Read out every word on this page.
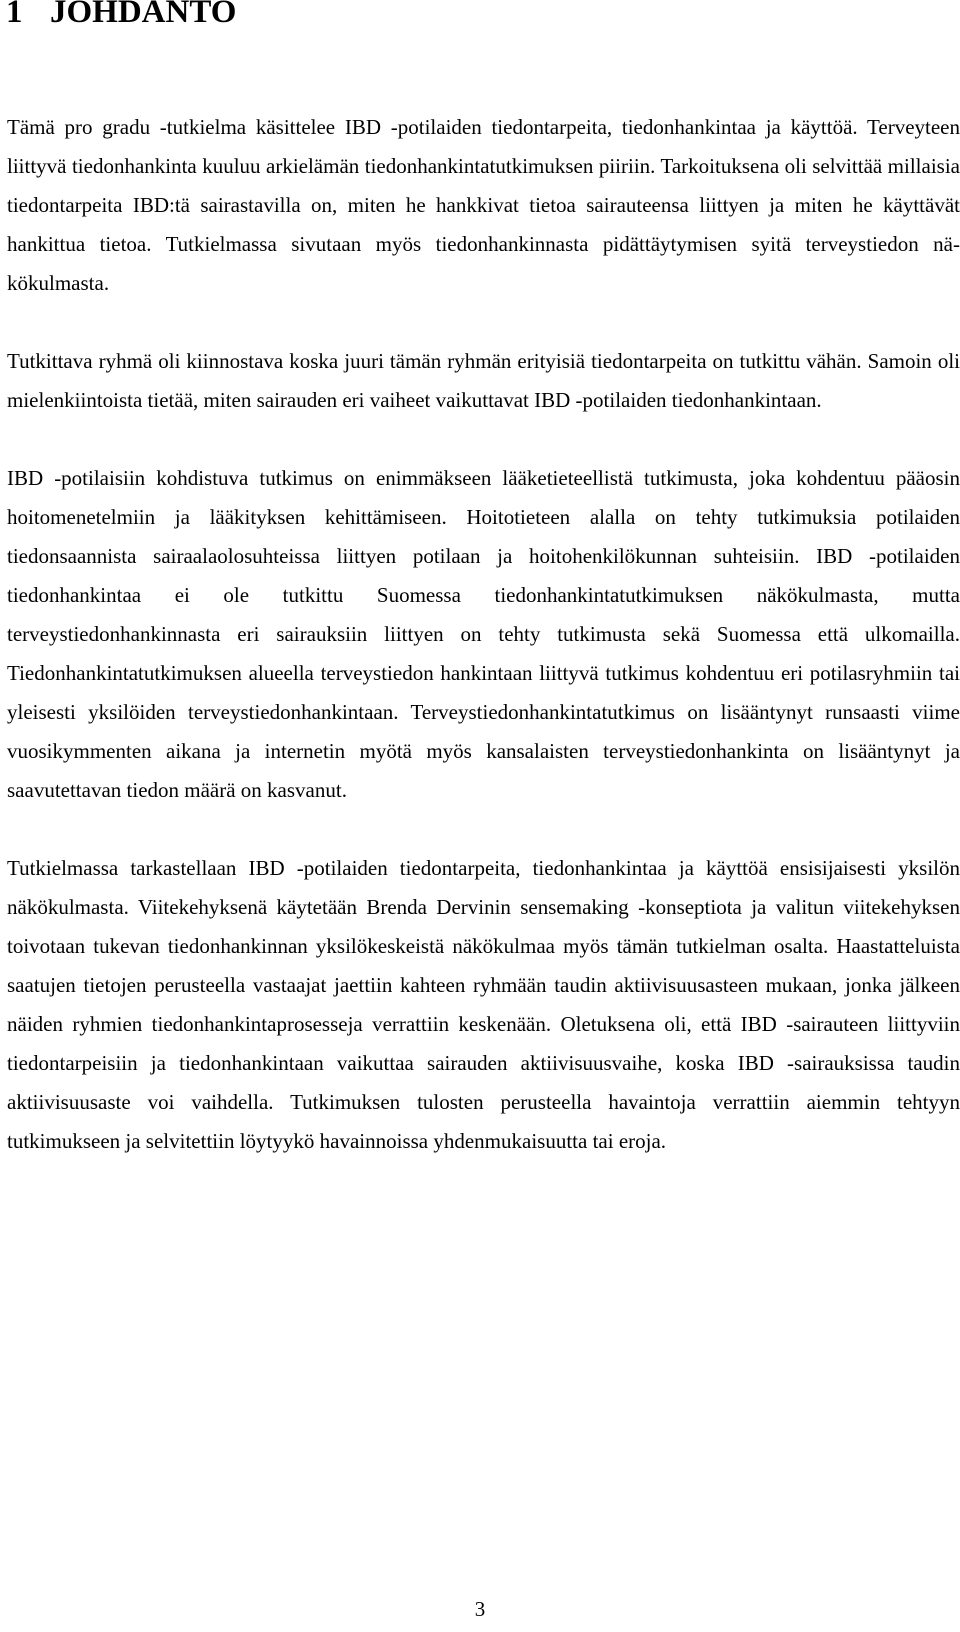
1 JOHDANTO

Tämä pro gradu -tutkielma käsittelee IBD -potilaiden tiedontarpeita, tiedonhankintaa ja käyttöä. Terveyteen liittyvä tiedonhankinta kuuluu arkielämän tiedonhankintatutkimuksen piiriin. Tarkoituksena oli selvittää millaisia tiedontarpeita IBD:tä sairastavilla on, miten he hankkivat tietoa sairauteensa liittyen ja miten he käyttävät hankittua tietoa. Tutkielmassa sivutaan myös tiedonhankinnasta pidättäytymisen syitä terveystiedon näkökulmasta.

Tutkittava ryhmä oli kiinnostava koska juuri tämän ryhmän erityisiä tiedontarpeita on tutkittu vähän. Samoin oli mielenkiintoista tietää, miten sairauden eri vaiheet vaikuttavat IBD -potilaiden tiedonhankintaan.

IBD -potilaisiin kohdistuva tutkimus on enimmäkseen lääketieteellistä tutkimusta, joka kohdentuu pääosin hoitomenetelmiin ja lääkityksen kehittämiseen. Hoitotieteen alalla on tehty tutkimuksia potilaiden tiedonsaannista sairaalaolosuhteissa liittyen potilaan ja hoitohenkilökunnan suhteisiin. IBD -potilaiden tiedonhankintaa ei ole tutkittu Suomessa tiedonhankintatutkimuksen näkökulmasta, mutta terveystiedonhankinnasta eri sairauksiin liittyen on tehty tutkimusta sekä Suomessa että ulkomailla. Tiedonhankintatutkimuksen alueella terveystiedon hankintaan liittyvä tutkimus kohdentuu eri potilasryhmiin tai yleisesti yksilöiden terveystiedonhankintaan. Terveystiedonhankintatutkimus on lisääntynyt runsaasti viime vuosikymmenten aikana ja internetin myötä myös kansalaisten terveystiedonhankinta on lisääntynyt ja saavutettavan tiedon määrä on kasvanut.

Tutkielmassa tarkastellaan IBD -potilaiden tiedontarpeita, tiedonhankintaa ja käyttöä ensisijaisesti yksilön näkökulmasta. Viitekehyksenä käytetään Brenda Dervinin sensemaking -konseptiota ja valitun viitekehyksen toivotaan tukevan tiedonhankinnan yksilökeskeistä näkökulmaa myös tämän tutkielman osalta. Haastatteluista saatujen tietojen perusteella vastaajat jaettiin kahteen ryhmään taudin aktiivisuusasteen mukaan, jonka jälkeen näiden ryhmien tiedonhankintaprosesseja verrattiin keskenään. Oletuksena oli, että IBD -sairauteen liittyviin tiedontarpeisiin ja tiedonhankintaan vaikuttaa sairauden aktiivisuusvaihe, koska IBD -sairauksissa taudin aktiivisuusaste voi vaihdella. Tutkimuksen tulosten perusteella havaintoja verrattiin aiemmin tehtyyn tutkimukseen ja selvitettiin löytyykö havainnoissa yhdenmukaisuutta tai eroja.

3
